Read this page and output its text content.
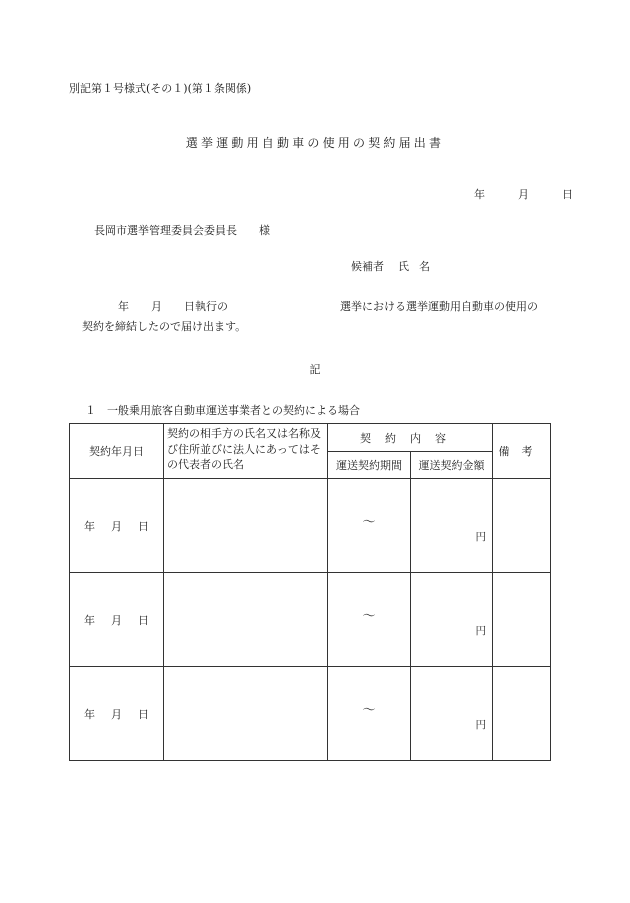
別記第１号様式(その１)(第１条関係)
選挙運動用自動車の使用の契約届出書
年	月	日
長岡市選挙管理委員会委員長 様
候補者 氏名
年　　月　　日執行の	選挙における選挙運動用自動車の使用の
契約を締結したので届け出ます。
記
１　一般乗用旅客自動車運送事業者との契約による場合
契約年月日	契約の相手方の氏名又は名称及び住所並びに法人にあってはその代表者の氏名	契約内容		備考
		運送契約期間	運送契約金額	
年 月 日		～	円	
年 月 日		～	円	
年 月 日		～	円	
